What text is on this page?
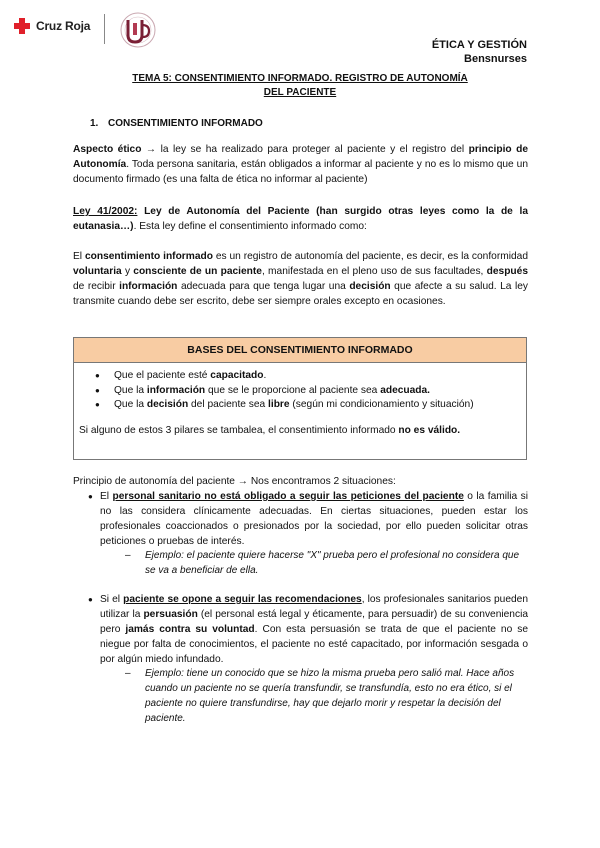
Cruz Roja
ÉTICA Y GESTIÓN
Bensnurses
TEMA 5: CONSENTIMIENTO INFORMADO. REGISTRO DE AUTONOMÍA
DEL PACIENTE
1. CONSENTIMIENTO INFORMADO
Aspecto ético → la ley se ha realizado para proteger al paciente y el registro del principio de Autonomía. Toda persona sanitaria, están obligados a informar al paciente y no es lo mismo que un documento firmado (es una falta de ética no informar al paciente)
Ley 41/2002: Ley de Autonomía del Paciente (han surgido otras leyes como la de la eutanasia…). Esta ley define el consentimiento informado como:
El consentimiento informado es un registro de autonomía del paciente, es decir, es la conformidad voluntaria y consciente de un paciente, manifestada en el pleno uso de sus facultades, después de recibir información adecuada para que tenga lugar una decisión que afecte a su salud. La ley transmite cuando debe ser escrito, debe ser siempre orales excepto en ocasiones.
BASES DEL CONSENTIMIENTO INFORMADO
● Que el paciente esté capacitado.
● Que la información que se le proporcione al paciente sea adecuada.
● Que la decisión del paciente sea libre (según mi condicionamiento y situación)
Si alguno de estos 3 pilares se tambalea, el consentimiento informado no es válido.
Principio de autonomía del paciente → Nos encontramos 2 situaciones:
● El personal sanitario no está obligado a seguir las peticiones del paciente o la familia si no las considera clínicamente adecuadas. En ciertas situaciones, pueden estar los profesionales coaccionados o presionados por la sociedad, por ello pueden solicitar otras peticiones o pruebas de interés.
– Ejemplo: el paciente quiere hacerse "X" prueba pero el profesional no considera que se va a beneficiar de ella.
● Si el paciente se opone a seguir las recomendaciones, los profesionales sanitarios pueden utilizar la persuasión (el personal está legal y éticamente, para persuadir) de su conveniencia pero jamás contra su voluntad. Con esta persuasión se trata de que el paciente no se niegue por falta de conocimientos, el paciente no esté capacitado, por información sesgada o por algún miedo infundado.
– Ejemplo: tiene un conocido que se hizo la misma prueba pero salió mal. Hace años cuando un paciente no se quería transfundir, se transfundía, esto no era ético, si el paciente no quiere transfundirse, hay que dejarlo morir y respetar la decisión del paciente.
